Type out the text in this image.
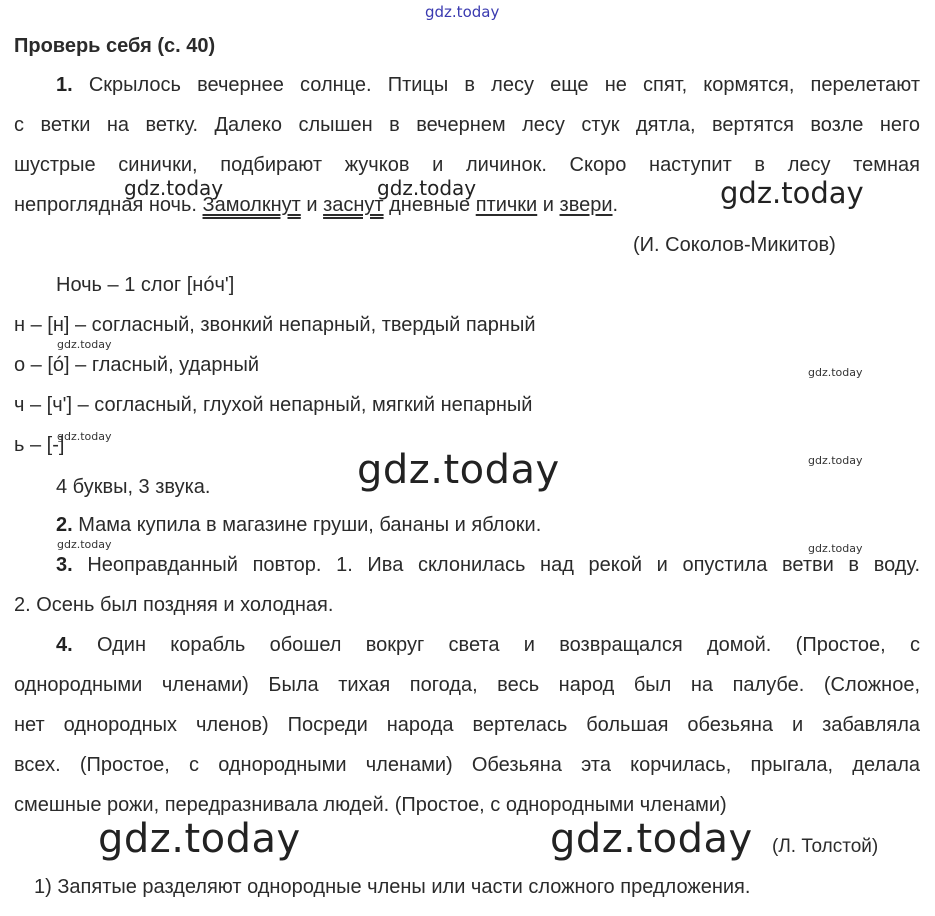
gdz.today
Проверь себя (с. 40)
1. Скрылось вечернее солнце. Птицы в лесу еще не спят, кормятся, перелетают
с ветки на ветку. Далеко слышен в вечернем лесу стук дятла, вертятся возле него
шустрые синички, подбирают жучков и личинок. Скоро наступит в лесу темная
непроглядная ночь. Замолкнут и заснут дневные птички и звери.
(И. Соколов-Микитов)
Ночь – 1 слог [нóч']
н – [н] – согласный, звонкий непарный, твердый парный
о – [ó] – гласный, ударный
ч – [ч'] – согласный, глухой непарный, мягкий непарный
ь – [-]
4 буквы, 3 звука.
2. Мама купила в магазине груши, бананы и яблоки.
3. Неоправданный повтор. 1. Ива склонилась над рекой и опустила ветви в воду.
2. Осень был поздняя и холодная.
4. Один корабль обошел вокруг света и возвращался домой. (Простое, с
однородными членами) Была тихая погода, весь народ был на палубе. (Сложное,
нет однородных членов) Посреди народа вертелась большая обезьяна и забавляла
всех. (Простое, с однородными членами) Обезьяна эта корчилась, прыгала, делала
смешные рожи, передразнивала людей. (Простое, с однородными членами)
(Л. Толстой)
1) Запятые разделяют однородные члены или части сложного предложения.
gdz.today	gdz.today	gdz.today
gdz.today
gdz.today
gdz.today
gdz.today	gdz.today
gdz.today	gdz.today
gdz.today	gdz.today
